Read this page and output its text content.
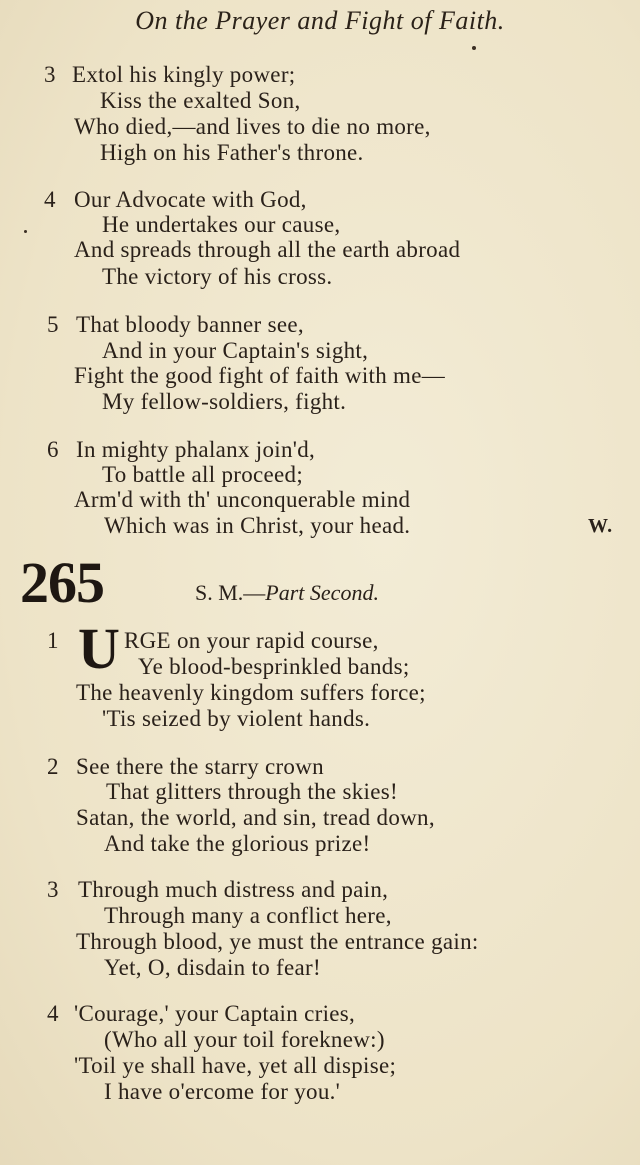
On the Prayer and Fight of Faith.
3 Extol his kingly power;
Kiss the exalted Son,
Who died,—and lives to die no more,
High on his Father's throne.
4 Our Advocate with God,
He undertakes our cause,
And spreads through all the earth abroad
The victory of his cross.
5 That bloody banner see,
And in your Captain's sight,
Fight the good fight of faith with me—
My fellow-soldiers, fight.
6 In mighty phalanx join'd,
To battle all proceed;
Arm'd with th' unconquerable mind
Which was in Christ, your head.	W.
265	S. M.—Part Second.
1 U RGE on your rapid course,
Ye blood-besprinkled bands;
The heavenly kingdom suffers force;
'Tis seized by violent hands.
2 See there the starry crown
That glitters through the skies!
Satan, the world, and sin, tread down,
And take the glorious prize!
3 Through much distress and pain,
Through many a conflict here,
Through blood, ye must the entrance gain:
Yet, O, disdain to fear!
4 'Courage,' your Captain cries,
(Who all your toil foreknew:)
'Toil ye shall have, yet all dispise;
I have o'ercome for you.'
